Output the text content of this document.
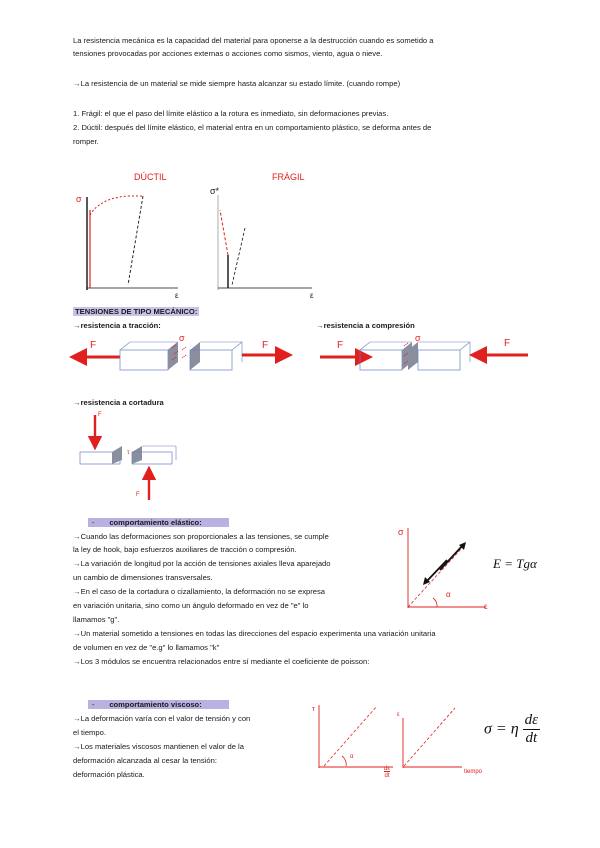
La resistencia mecánica es la capacidad del material para oponerse a la destrucción cuando es sometido a
tensiones provocadas por acciones externas o acciones como sismos, viento, agua o nieve.
→La resistencia de un material se mide siempre hasta alcanzar su estado límite. (cuando rompe)
1. Frágil: el que el paso del límite elástico a la rotura es inmediato, sin deformaciones previas.
2. Dúctil: después del límite elástico, el material entra en un comportamiento plástico, se deforma antes de
romper.
DÚCTIL	FRÁGIL
σ
σ*
ε	ε
TENSIONES DE TIPO MECÁNICO:
→resistencia a tracción:	→resistencia a compresión
F	F
σ
F	F
σ
→resistencia a cortadura
F
τ
F
-       comportamiento elástico:
→Cuando las deformaciones son proporcionales a las tensiones, se cumple
la ley de hook, bajo esfuerzos auxiliares de tracción o compresión.
→La variación de longitud por la acción de tensiones axiales lleva aparejado
un cambio de dimensiones transversales.
→En el caso de la cortadura o cizallamiento, la deformación no se expresa
en variación unitaria, sino como un ángulo deformado en vez de "e" lo
llamamos "g".
→Un material sometido a tensiones en todas las direcciones del espacio experimenta una variación unitaria
de volumen en vez de "e.g" lo llamamos "k"
→Los 3 módulos se encuentra relacionados entre sí mediante el coeficiente de poisson:
σ
α
ε
E = Tgα
-       comportamiento viscoso:
→La deformación varía con el valor de tensión y con
el tiempo.
→Los materiales viscosos mantienen el valor de la
deformación alcanzada al cesar la tensión:
deformación plástica.
τ
ε
α
dε
dt
tiempo
σ = η $\frac{d\varepsilon}{dt}$
